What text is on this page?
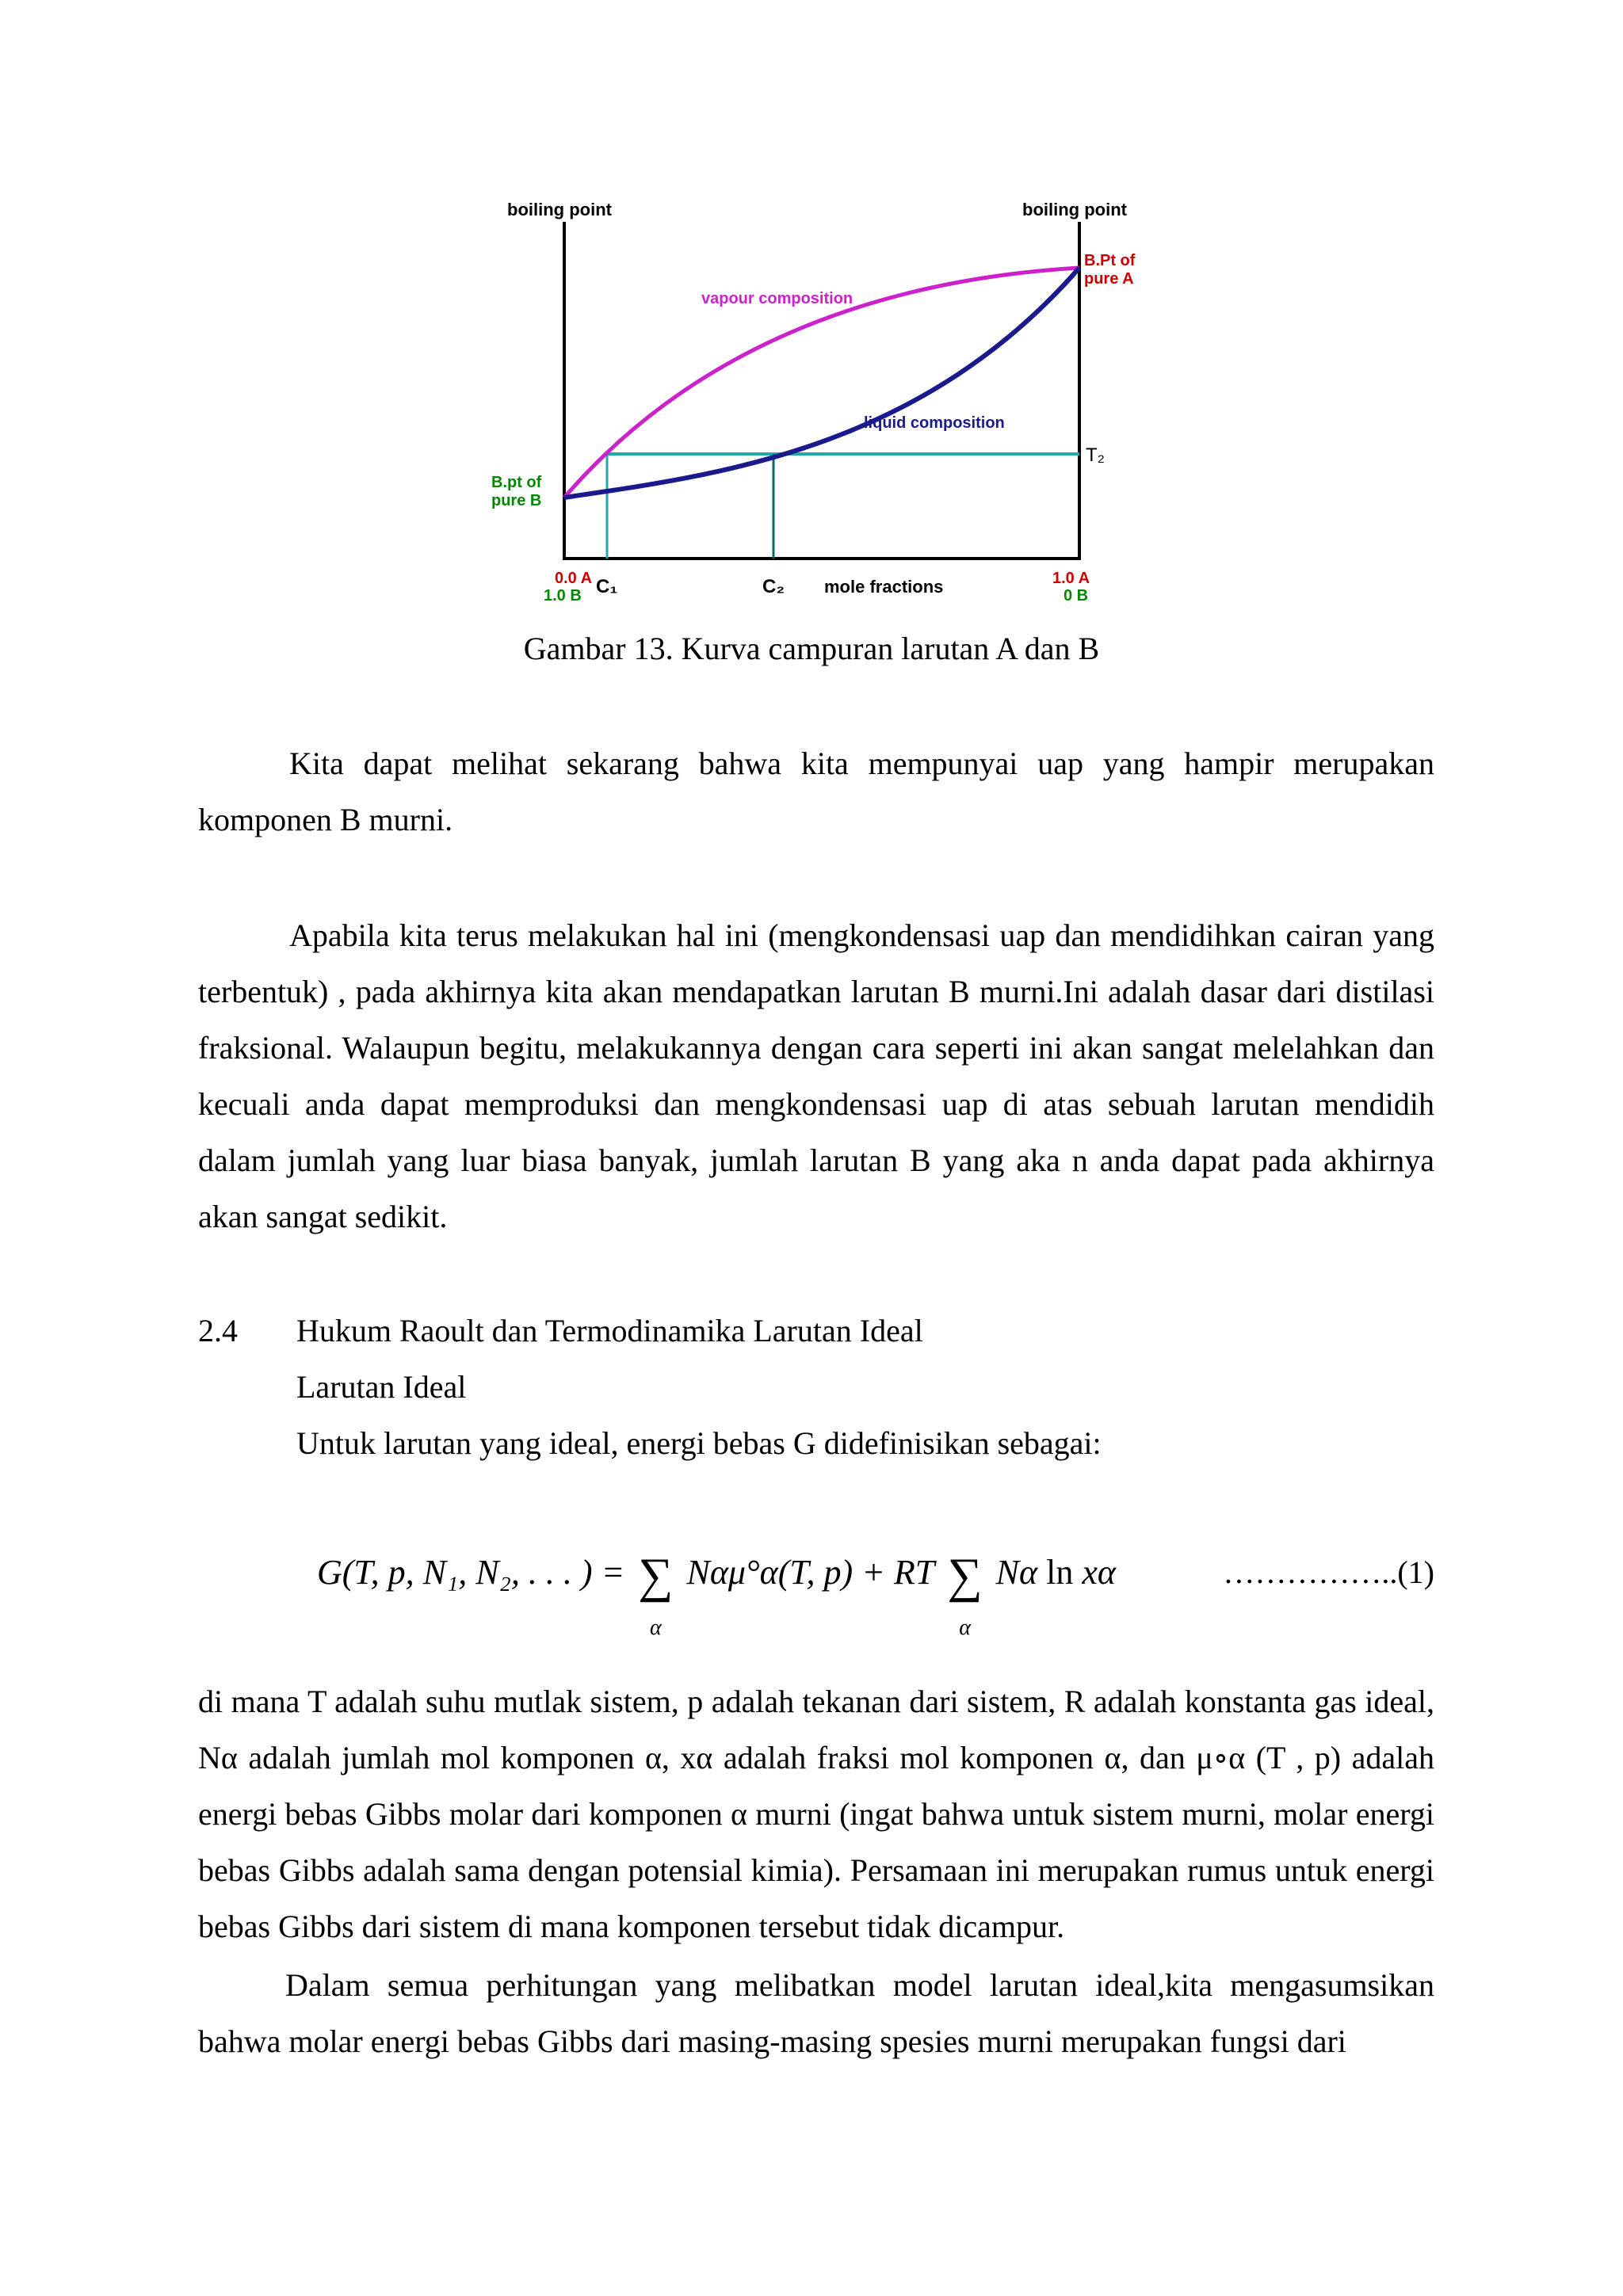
boiling point	boiling point
vapour composition
liquid composition
B.Pt of
pure A
B.pt of
pure B
T₂
C₁	C₂ mole fractions
0.0 A
1.0 B
1.0 A
0 B
Gambar 13. Kurva campuran larutan A dan B

Kita dapat melihat sekarang bahwa kita mempunyai uap yang hampir merupakan komponen B murni.

Apabila kita terus melakukan hal ini (mengkondensasi uap dan mendidihkan cairan yang terbentuk) , pada akhirnya kita akan mendapatkan larutan B murni.Ini adalah dasar dari distilasi fraksional. Walaupun begitu, melakukannya dengan cara seperti ini akan sangat melelahkan dan kecuali anda dapat memproduksi dan mengkondensasi uap di atas sebuah larutan mendidih dalam jumlah yang luar biasa banyak, jumlah larutan B yang aka n anda dapat pada akhirnya akan sangat sedikit.

2.4	Hukum Raoult dan Termodinamika Larutan Ideal
Larutan Ideal
Untuk larutan yang ideal, energi bebas G didefinisikan sebagai:
G(T, p, N₁, N₂, . . . ) = ∑
α
Nαμ°α(T, p) + RT ∑
α
Nα ln xα	……………..(1)

di mana T adalah suhu mutlak sistem, p adalah tekanan dari sistem, R adalah konstanta gas ideal, Nα adalah jumlah mol komponen α, xα adalah fraksi mol komponen α, dan μ∘α (T , p) adalah energi bebas Gibbs molar dari komponen α murni (ingat bahwa untuk sistem murni, molar energi bebas Gibbs adalah sama dengan potensial kimia). Persamaan ini merupakan rumus untuk energi bebas Gibbs dari sistem di mana komponen tersebut tidak dicampur.

Dalam semua perhitungan yang melibatkan model larutan ideal,kita mengasumsikan bahwa molar energi bebas Gibbs dari masing-masing spesies murni merupakan fungsi dari
